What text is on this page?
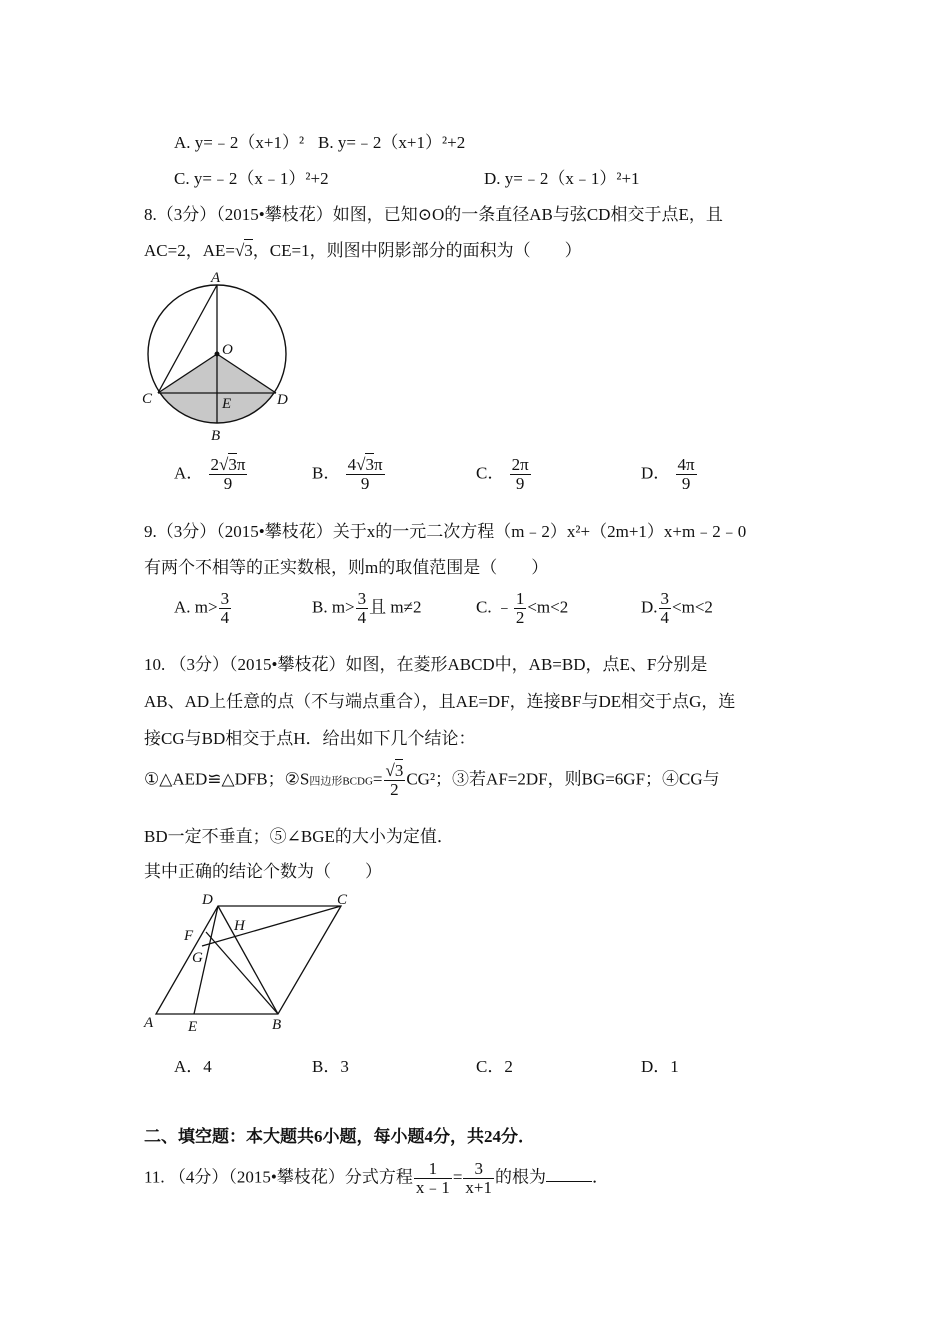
A. y=﹣2（x+1）² B. y=﹣2（x+1）²+2
C. y=﹣2（x﹣1）²+2	D. y=﹣2（x﹣1）²+1
8.（3分）（2015•攀枝花）如图，已知⊙O的一条直径AB与弦CD相交于点E，且
AC=2，AE=√3，CE=1，则图中阴影部分的面积为（　　）
A
O
C	E	D
B
A． $\frac{2√3\pi}{9}$	B． $\frac{4√3\pi}{9}$	C． $\frac{2\pi}{9}$	D． $\frac{4\pi}{9}$
9.（3分）（2015•攀枝花）关于x的一元二次方程（m﹣2）x²+（2m+1）x+m﹣2﹣0
有两个不相等的正实数根，则m的取值范围是（　　）
A. $m> \frac{3}{4}$	B. $m> \frac{3}{4}$ 且 m≠2	C. ﹣ $\frac{1}{2} <m<2$	D. $\frac{3}{4} <m<2$
10. （3分）（2015•攀枝花）如图，在菱形ABCD中，AB=BD，点E、F分别是
AB、AD上任意的点（不与端点重合），且AE=DF，连接BF与DE相交于点G，连
接CG与BD相交于点H．给出如下几个结论：
①△AED≌△DFB；②S四边形BCDG= $\frac{√3}{2} CG^2$；③若AF=2DF，则BG=6GF；④CG与
BD一定不垂直；⑤∠BGE的大小为定值．
其中正确的结论个数为（　　）
D	C
H
F
G
A E	B
A．4	B．3	C．2	D．1
二、填空题：本大题共6小题，每小题4分，共24分．
11. （4分）（2015•攀枝花）分式方程 $\frac{1}{x﹣1} = \frac{3}{x+1}$ 的根为	．
